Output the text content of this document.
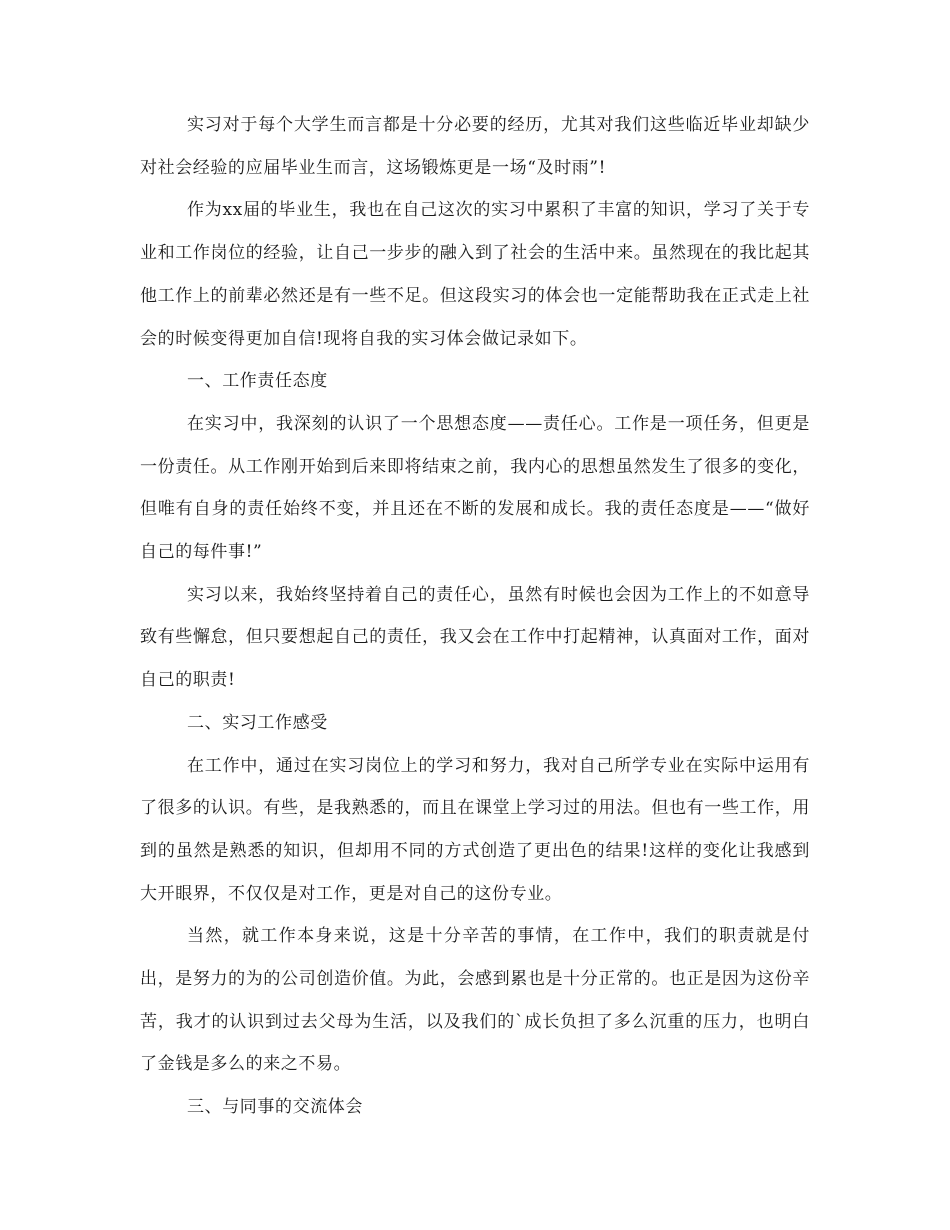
实习对于每个大学生而言都是十分必要的经历，尤其对我们这些临近毕业却缺少对社会经验的应届毕业生而言，这场锻炼更是一场“及时雨”!

作为xx届的毕业生，我也在自己这次的实习中累积了丰富的知识，学习了关于专业和工作岗位的经验，让自己一步步的融入到了社会的生活中来。虽然现在的我比起其他工作上的前辈必然还是有一些不足。但这段实习的体会也一定能帮助我在正式走上社会的时候变得更加自信!现将自我的实习体会做记录如下。

一、工作责任态度

在实习中，我深刻的认识了一个思想态度——责任心。工作是一项任务，但更是一份责任。从工作刚开始到后来即将结束之前，我内心的思想虽然发生了很多的变化，但唯有自身的责任始终不变，并且还在不断的发展和成长。我的责任态度是——“做好自己的每件事!”

实习以来，我始终坚持着自己的责任心，虽然有时候也会因为工作上的不如意导致有些懈怠，但只要想起自己的责任，我又会在工作中打起精神，认真面对工作，面对自己的职责!

二、实习工作感受

在工作中，通过在实习岗位上的学习和努力，我对自己所学专业在实际中运用有了很多的认识。有些，是我熟悉的，而且在课堂上学习过的用法。但也有一些工作，用到的虽然是熟悉的知识，但却用不同的方式创造了更出色的结果!这样的变化让我感到大开眼界，不仅仅是对工作，更是对自己的这份专业。

当然，就工作本身来说，这是十分辛苦的事情，在工作中，我们的职责就是付出，是努力的为的公司创造价值。为此，会感到累也是十分正常的。也正是因为这份辛苦，我才的认识到过去父母为生活，以及我们的`成长负担了多么沉重的压力，也明白了金钱是多么的来之不易。

三、与同事的交流体会
